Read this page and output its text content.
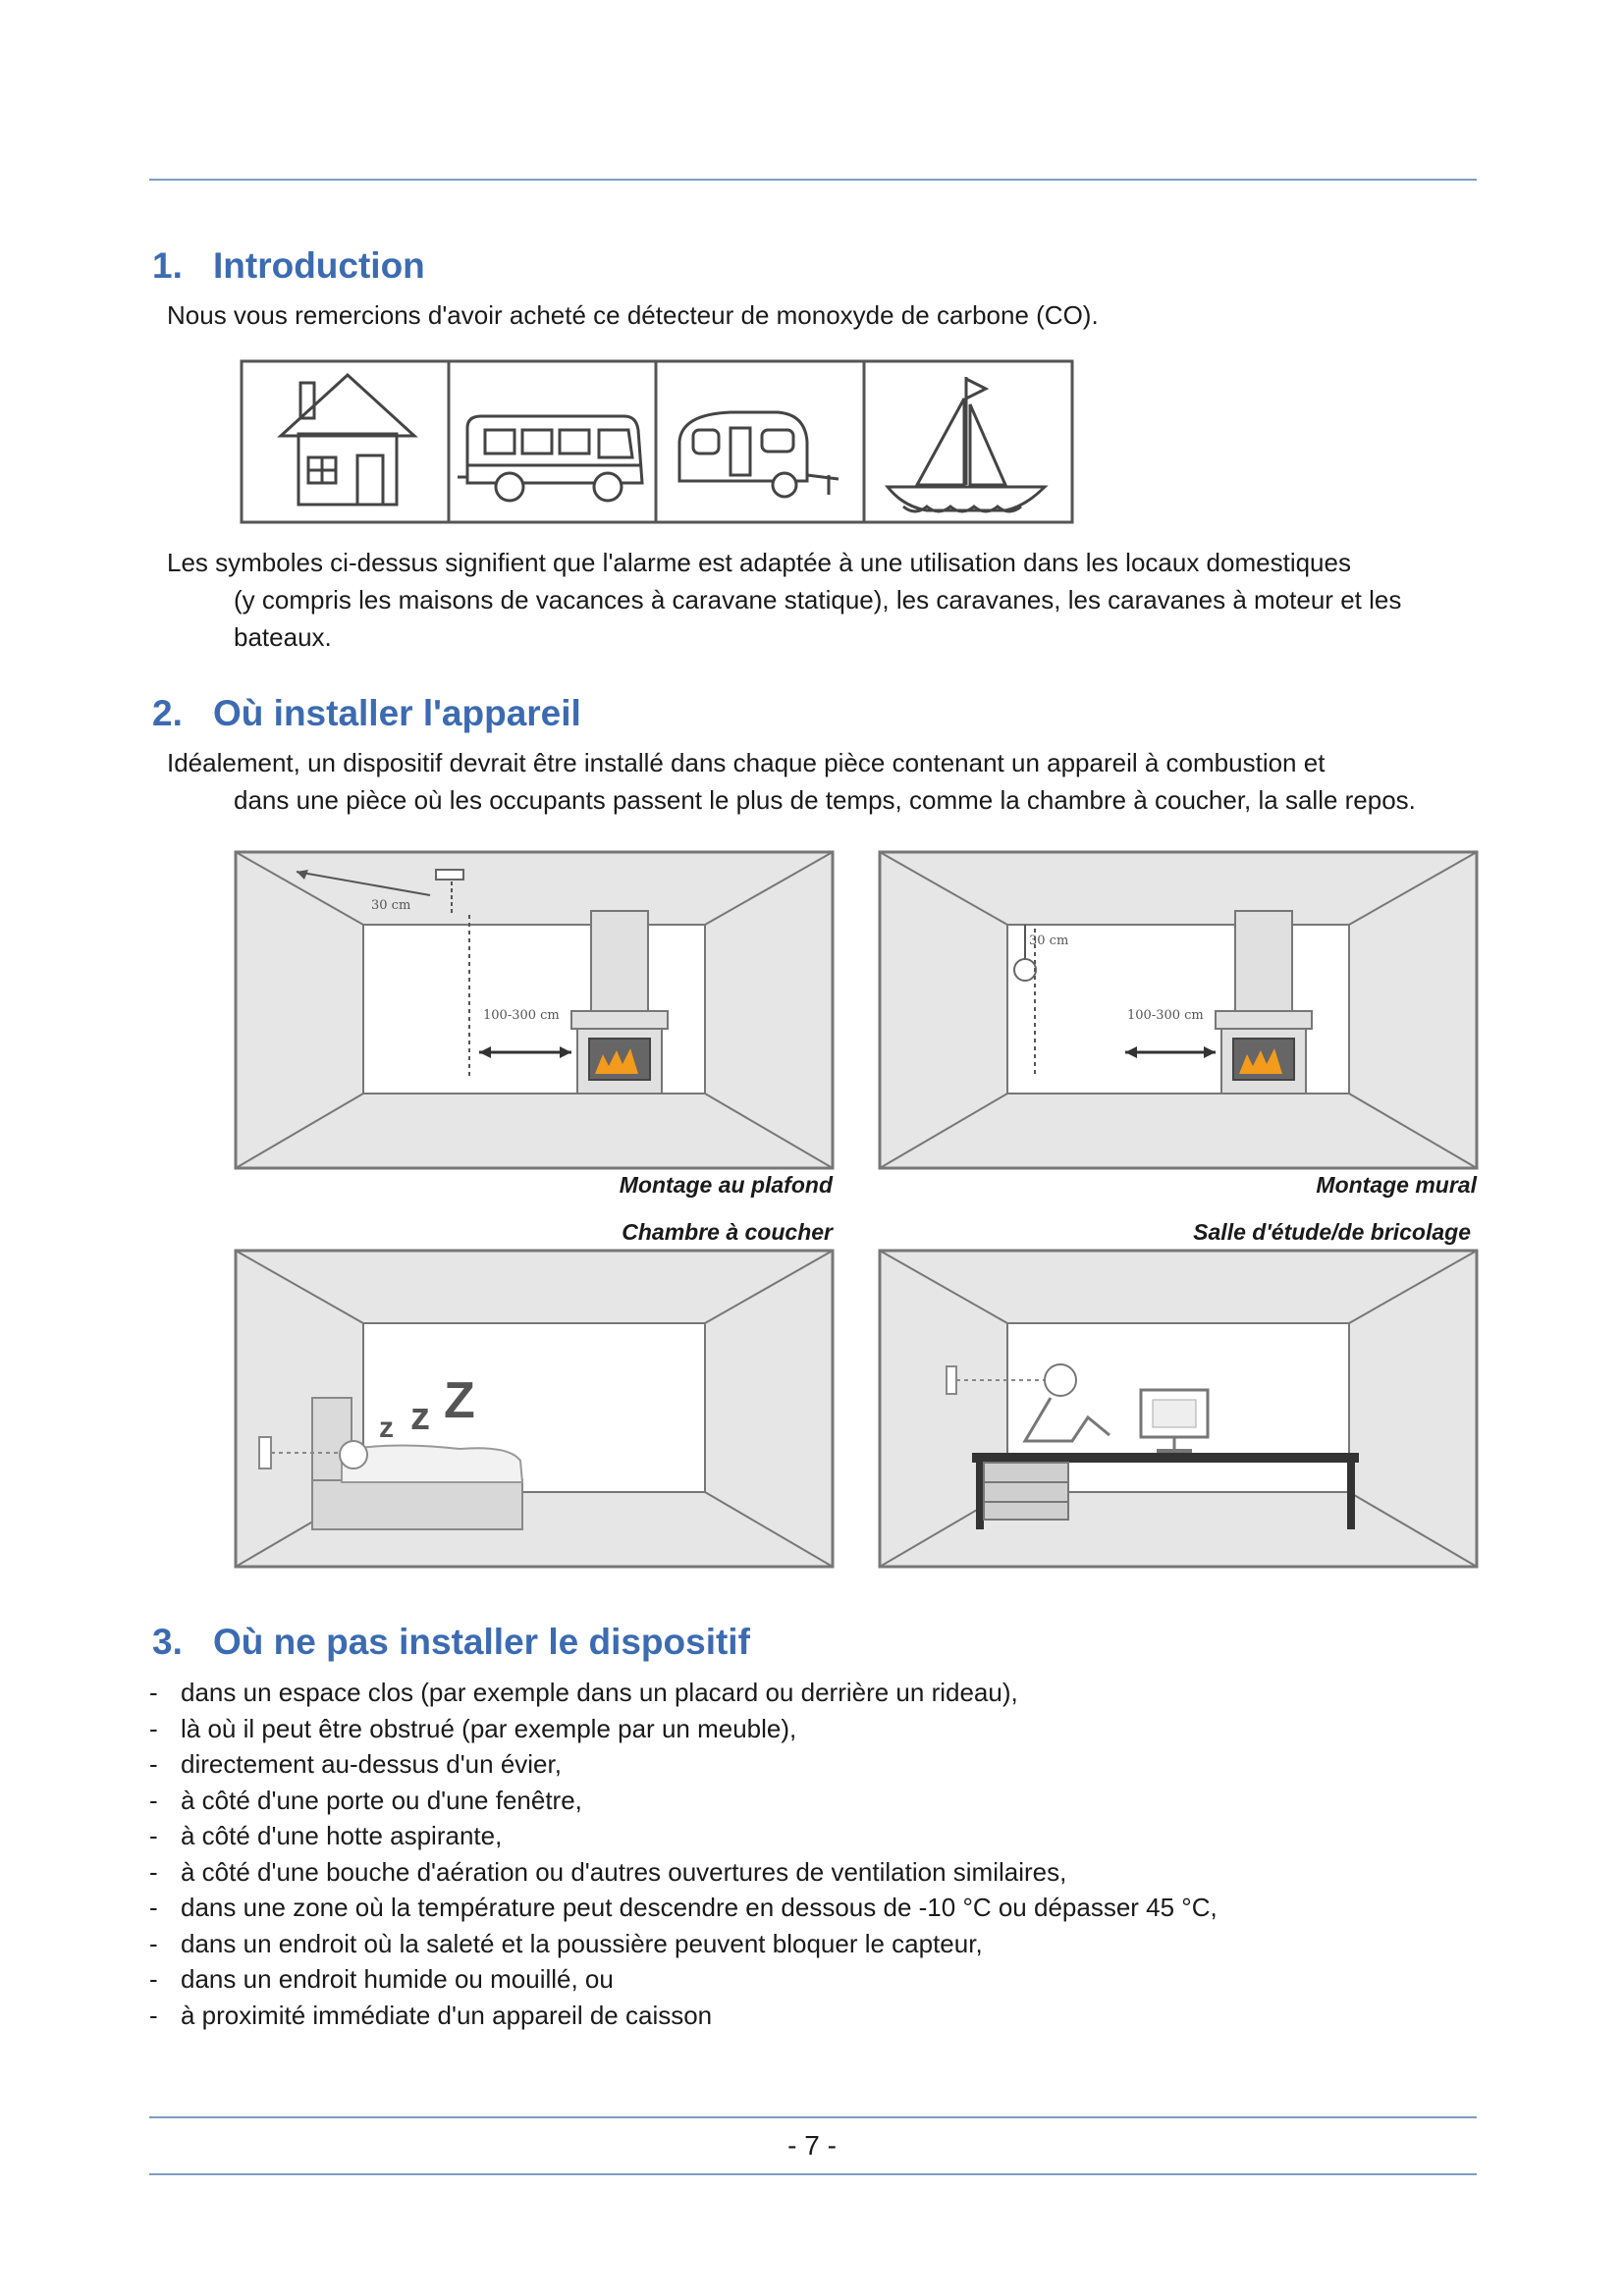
1. Introduction
Nous vous remercions d'avoir acheté ce détecteur de monoxyde de carbone (CO).
Les symboles ci-dessus signifient que l'alarme est adaptée à une utilisation dans les locaux domestiques
(y compris les maisons de vacances à caravane statique), les caravanes, les caravanes à moteur et les
bateaux.
2. Où installer l'appareil
Idéalement, un dispositif devrait être installé dans chaque pièce contenant un appareil à combustion et
dans une pièce où les occupants passent le plus de temps, comme la chambre à coucher, la salle repos.
30 cm
100-300 cm
30 cm
100-300 cm
Montage au plafond	Montage mural
Chambre à coucher	Salle d'étude/de bricolage
z z Z
3. Où ne pas installer le dispositif
- dans un espace clos (par exemple dans un placard ou derrière un rideau),
- là où il peut être obstrué (par exemple par un meuble),
- directement au-dessus d'un évier,
- à côté d'une porte ou d'une fenêtre,
- à côté d'une hotte aspirante,
- à côté d'une bouche d'aération ou d'autres ouvertures de ventilation similaires,
- dans une zone où la température peut descendre en dessous de -10 °C ou dépasser 45 °C,
- dans un endroit où la saleté et la poussière peuvent bloquer le capteur,
- dans un endroit humide ou mouillé, ou
- à proximité immédiate d'un appareil de caisson
- 7 -
